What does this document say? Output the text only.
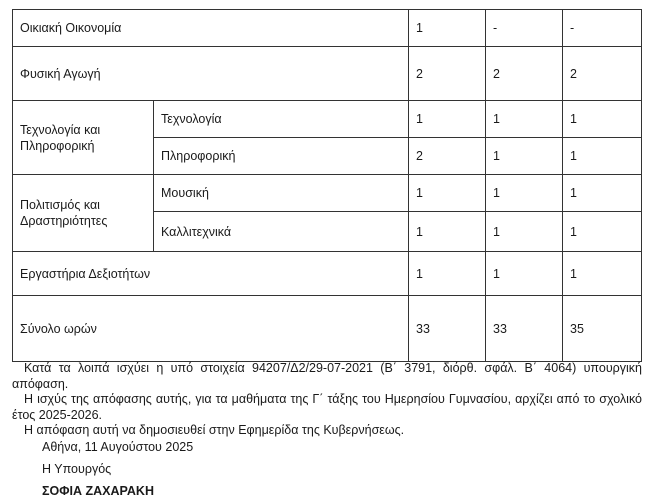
Οικιακή Οικονομία		1	-	-
Φυσική Αγωγή		2	2	2
Τεχνολογία και Πληροφορική	Τεχνολογία	1	1	1
	Πληροφορική	2	1	1
Πολιτισμός και Δραστηριότητες	Μουσική	1	1	1
	Καλλιτεχνικά	1	1	1
Εργαστήρια Δεξιοτήτων		1	1	1
Σύνολο ωρών		33	33	35

Κατά τα λοιπά ισχύει η υπό στοιχεία 94207/Δ2/29-07-2021 (Β΄ 3791, διόρθ. σφάλ. Β΄ 4064) υπουργική απόφαση.

Η ισχύς της απόφασης αυτής, για τα μαθήματα της Γ΄ τάξης του Ημερησίου Γυμνασίου, αρχίζει από το σχολικό έτος 2025-2026.

Η απόφαση αυτή να δημοσιευθεί στην Εφημερίδα της Κυβερνήσεως.

Αθήνα, 11 Αυγούστου 2025
Η Υπουργός
ΣΟΦΙΑ ΖΑΧΑΡΑΚΗ
